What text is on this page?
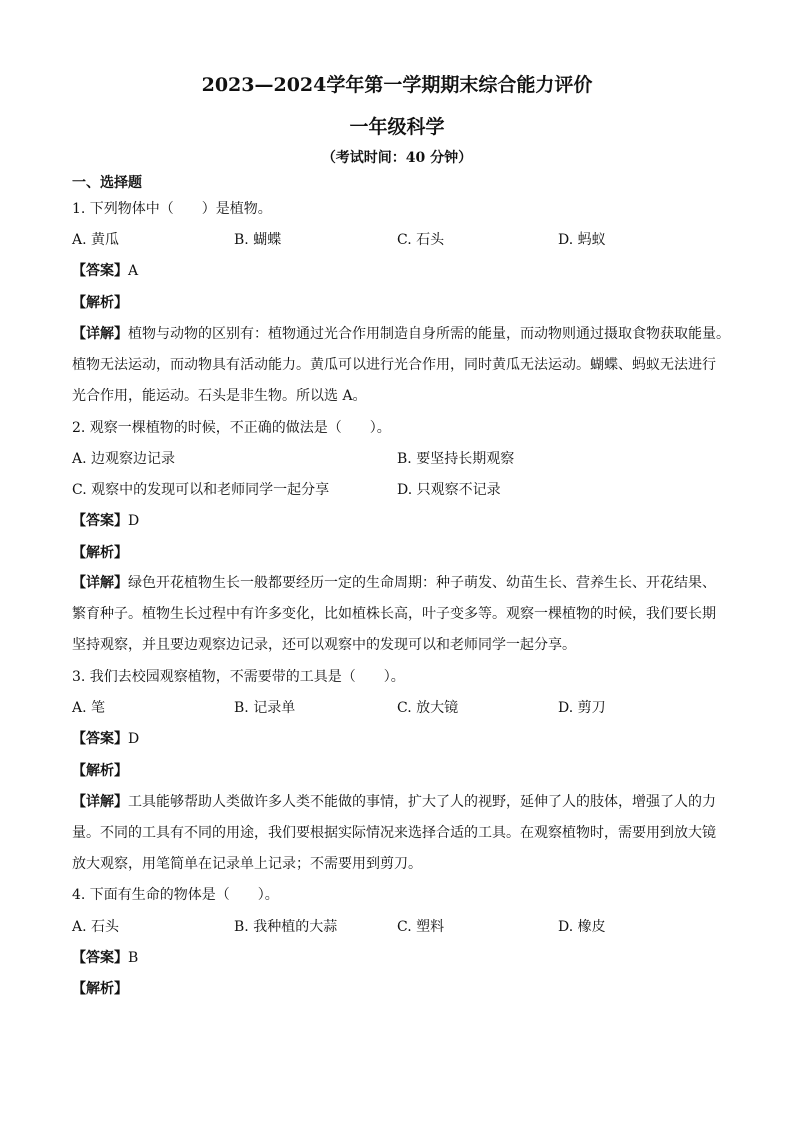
2023—2024学年第一学期期末综合能力评价
一年级科学
（考试时间：40 分钟）
一、选择题
1. 下列物体中（　　）是植物。
A. 黄瓜	B. 蝴蝶	C. 石头	D. 蚂蚁
【答案】A
【解析】
【详解】植物与动物的区别有：植物通过光合作用制造自身所需的能量，而动物则通过摄取食物获取能量。
植物无法运动，而动物具有活动能力。黄瓜可以进行光合作用，同时黄瓜无法运动。蝴蝶、蚂蚁无法进行
光合作用，能运动。石头是非生物。所以选 A。
2. 观察一棵植物的时候，不正确的做法是（　　）。
A. 边观察边记录	B. 要坚持长期观察
C. 观察中的发现可以和老师同学一起分享	D. 只观察不记录
【答案】D
【解析】
【详解】绿色开花植物生长一般都要经历一定的生命周期：种子萌发、幼苗生长、营养生长、开花结果、
繁育种子。植物生长过程中有许多变化，比如植株长高，叶子变多等。观察一棵植物的时候，我们要长期
坚持观察，并且要边观察边记录，还可以观察中的发现可以和老师同学一起分享。
3. 我们去校园观察植物，不需要带的工具是（　　）。
A. 笔	B. 记录单	C. 放大镜	D. 剪刀
【答案】D
【解析】
【详解】工具能够帮助人类做许多人类不能做的事情，扩大了人的视野，延伸了人的肢体，增强了人的力
量。不同的工具有不同的用途，我们要根据实际情况来选择合适的工具。在观察植物时，需要用到放大镜
放大观察，用笔简单在记录单上记录；不需要用到剪刀。
4. 下面有生命的物体是（　　）。
A. 石头	B. 我种植的大蒜	C. 塑料	D. 橡皮
【答案】B
【解析】
